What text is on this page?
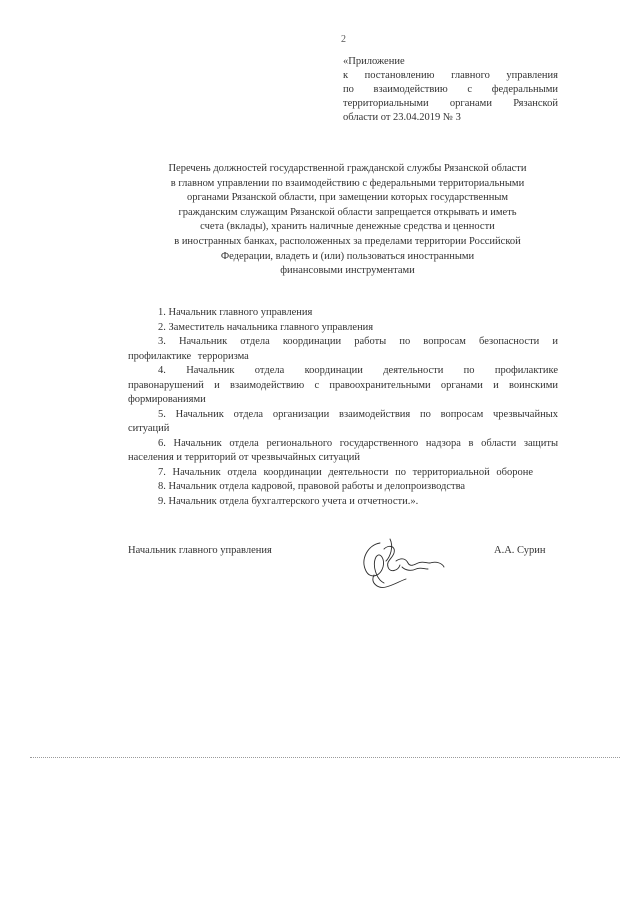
2
«Приложение
к постановлению главного управления
по взаимодействию с федеральными
территориальными органами Рязанской
области от 23.04.2019 № 3
Перечень должностей государственной гражданской службы Рязанской области
в главном управлении по взаимодействию с федеральными территориальными
органами Рязанской области, при замещении которых государственным
гражданским служащим Рязанской области запрещается открывать и иметь
счета (вклады), хранить наличные денежные средства и ценности
в иностранных банках, расположенных за пределами территории Российской
Федерации, владеть и (или) пользоваться иностранными
финансовыми инструментами
1. Начальник главного управления
2. Заместитель начальника главного управления
3. Начальник отдела координации работы по вопросам безопасности и профилактике терроризма
4. Начальник отдела координации деятельности по профилактике правонарушений и взаимодействию с правоохранительными органами и воинскими формированиями
5. Начальник отдела организации взаимодействия по вопросам чрезвычайных ситуаций
6. Начальник отдела регионального государственного надзора в области защиты населения и территорий от чрезвычайных ситуаций
7. Начальник отдела координации деятельности по территориальной обороне
8. Начальник отдела кадровой, правовой работы и делопроизводства
9. Начальник отдела бухгалтерского учета и отчетности.».
Начальник главного управления	А.А. Сурин
